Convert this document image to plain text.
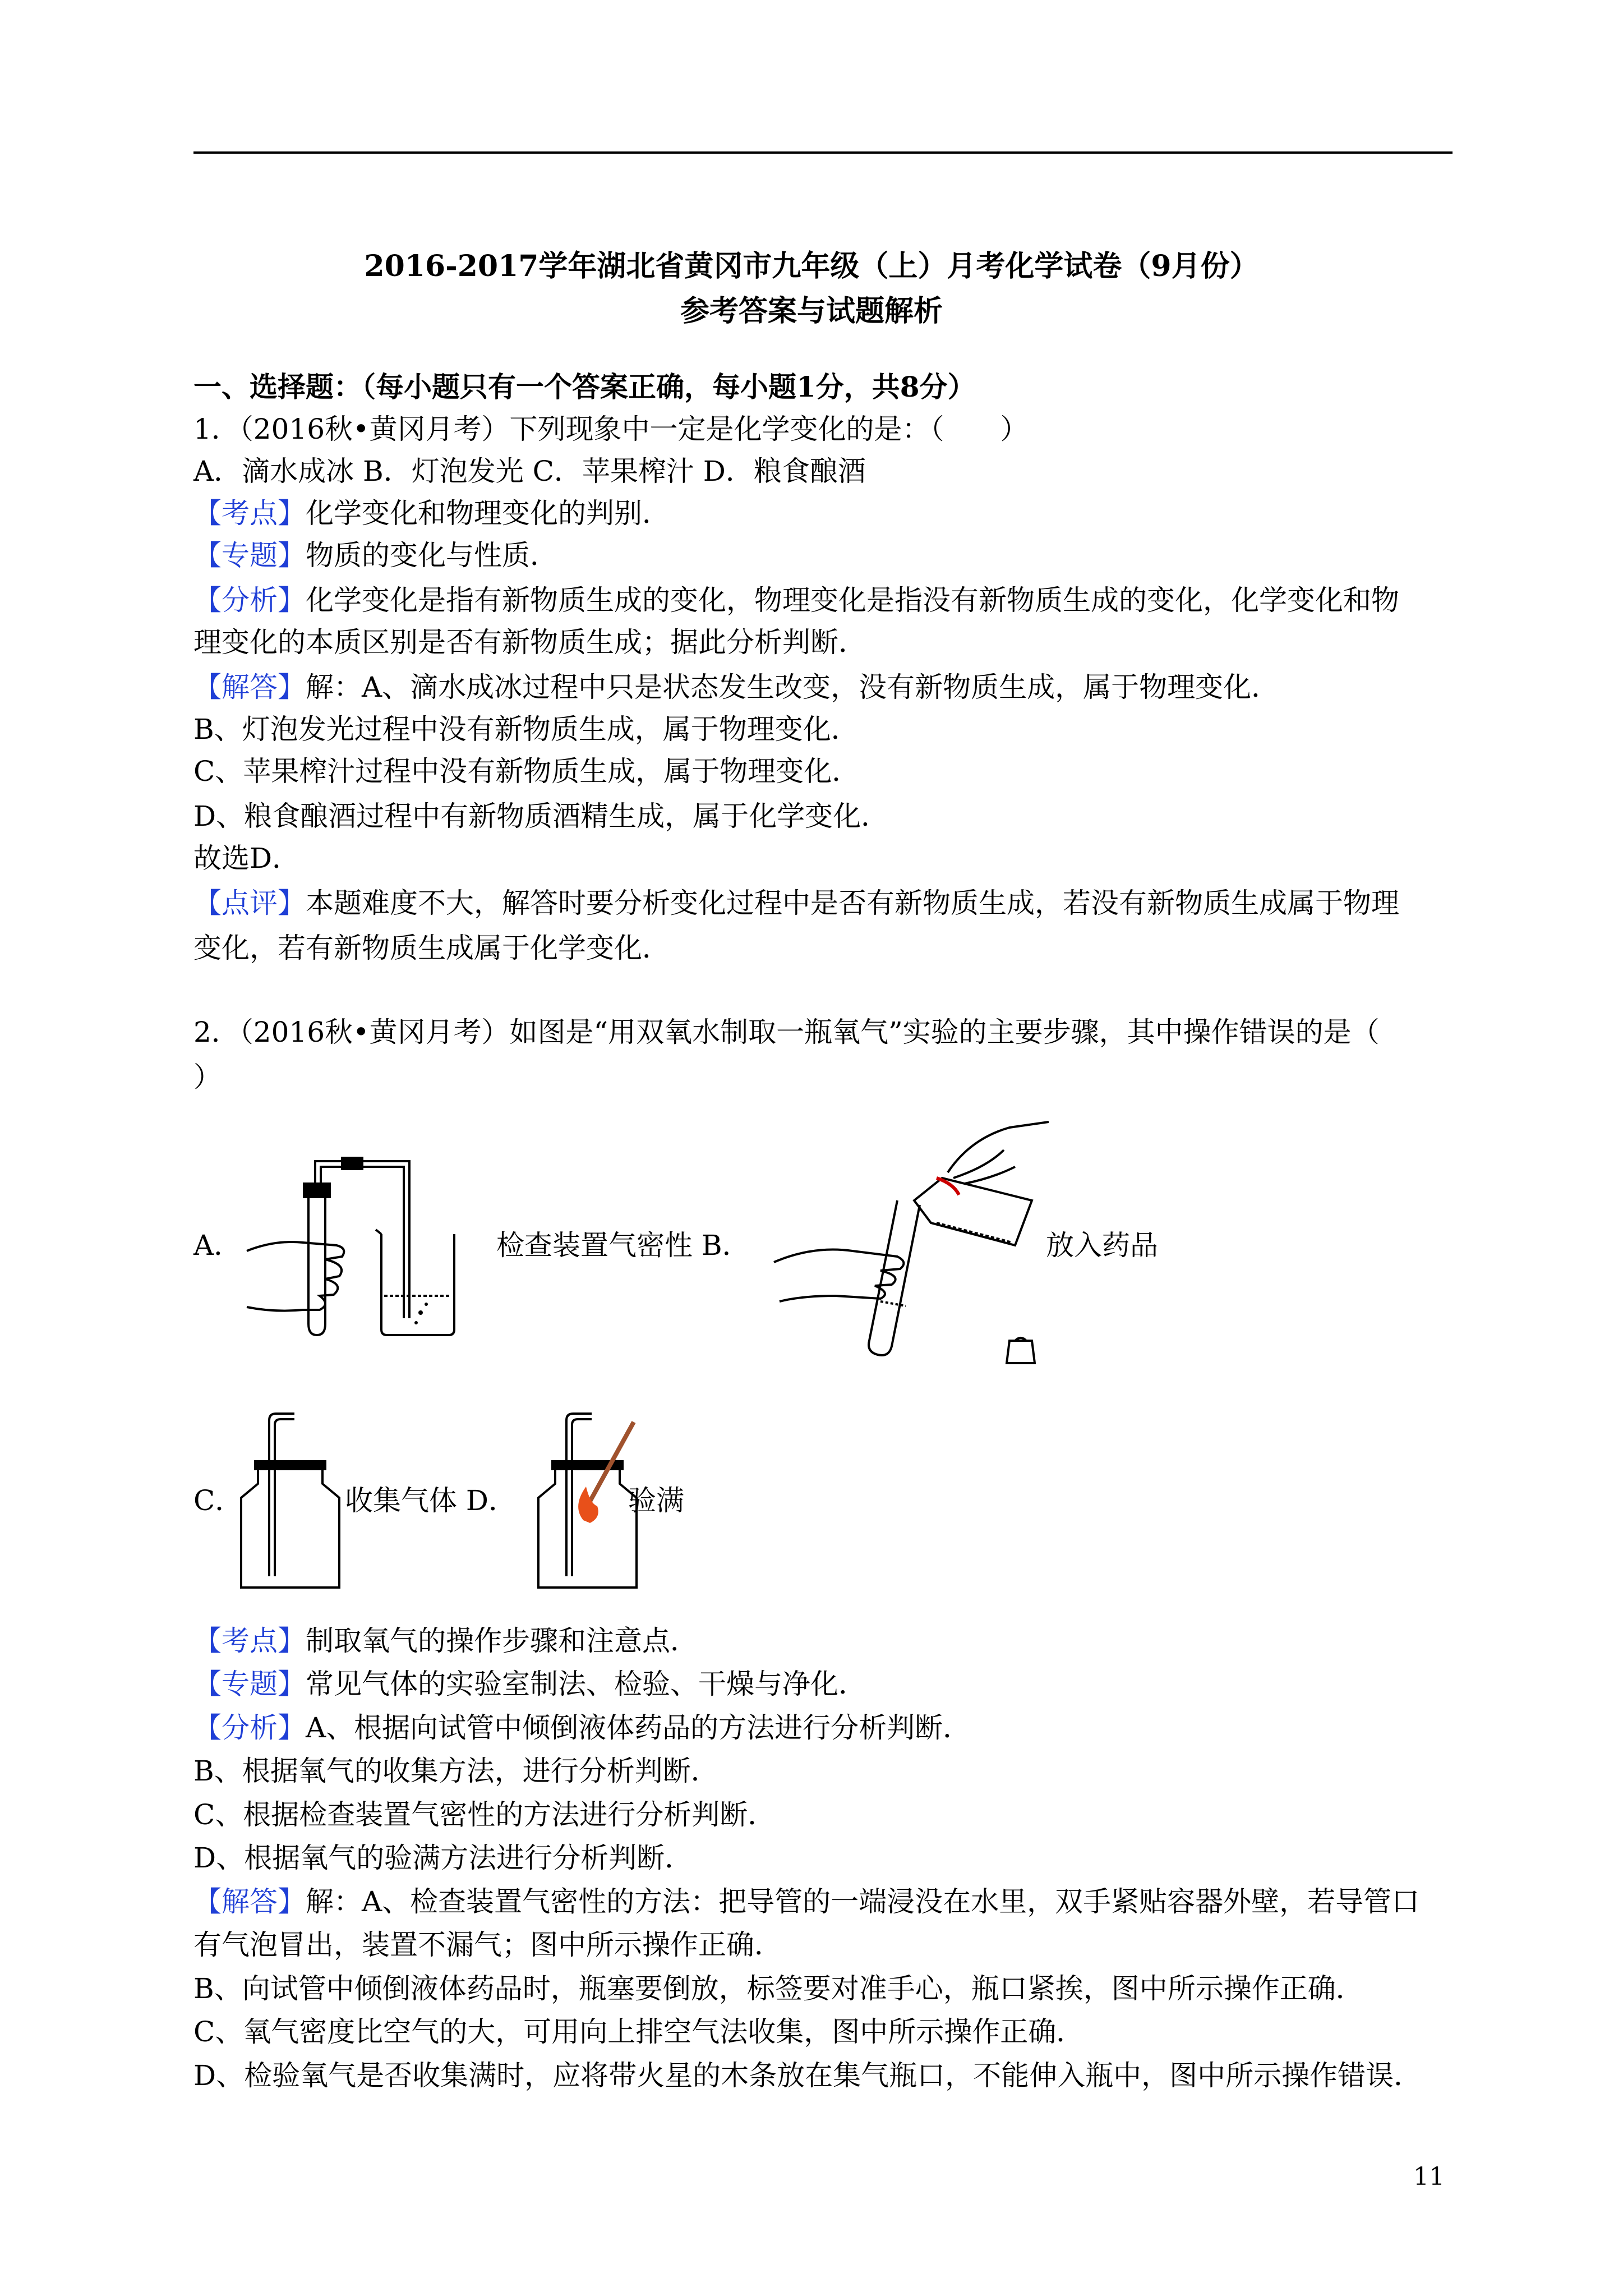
2016-2017学年湖北省黄冈市九年级（上）月考化学试卷（9月份）
参考答案与试题解析
一、选择题：（每小题只有一个答案正确，每小题1分，共8分）
1．（2016秋•黄冈月考）下列现象中一定是化学变化的是：（　　）
A．滴水成冰 B．灯泡发光 C．苹果榨汁 D．粮食酿酒
【考点】化学变化和物理变化的判别．
【专题】物质的变化与性质．
【分析】化学变化是指有新物质生成的变化，物理变化是指没有新物质生成的变化，化学变化和物
理变化的本质区别是否有新物质生成；据此分析判断．
【解答】解：A、滴水成冰过程中只是状态发生改变，没有新物质生成，属于物理变化．
B、灯泡发光过程中没有新物质生成，属于物理变化．
C、苹果榨汁过程中没有新物质生成，属于物理变化．
D、粮食酿酒过程中有新物质酒精生成，属于化学变化．
故选D．
【点评】本题难度不大，解答时要分析变化过程中是否有新物质生成，若没有新物质生成属于物理
变化，若有新物质生成属于化学变化．
2．（2016秋•黄冈月考）如图是“用双氧水制取一瓶氧气”实验的主要步骤，其中操作错误的是（
）
A．	检查装置气密性 B．	放入药品
C．	收集气体 D．	验满
【考点】制取氧气的操作步骤和注意点．
【专题】常见气体的实验室制法、检验、干燥与净化．
【分析】A、根据向试管中倾倒液体药品的方法进行分析判断．
B、根据氧气的收集方法，进行分析判断．
C、根据检查装置气密性的方法进行分析判断．
D、根据氧气的验满方法进行分析判断．
【解答】解：A、检查装置气密性的方法：把导管的一端浸没在水里，双手紧贴容器外壁，若导管口
有气泡冒出，装置不漏气；图中所示操作正确．
B、向试管中倾倒液体药品时，瓶塞要倒放，标签要对准手心，瓶口紧挨，图中所示操作正确．
C、氧气密度比空气的大，可用向上排空气法收集，图中所示操作正确．
D、检验氧气是否收集满时，应将带火星的木条放在集气瓶口，不能伸入瓶中，图中所示操作错误．
11
